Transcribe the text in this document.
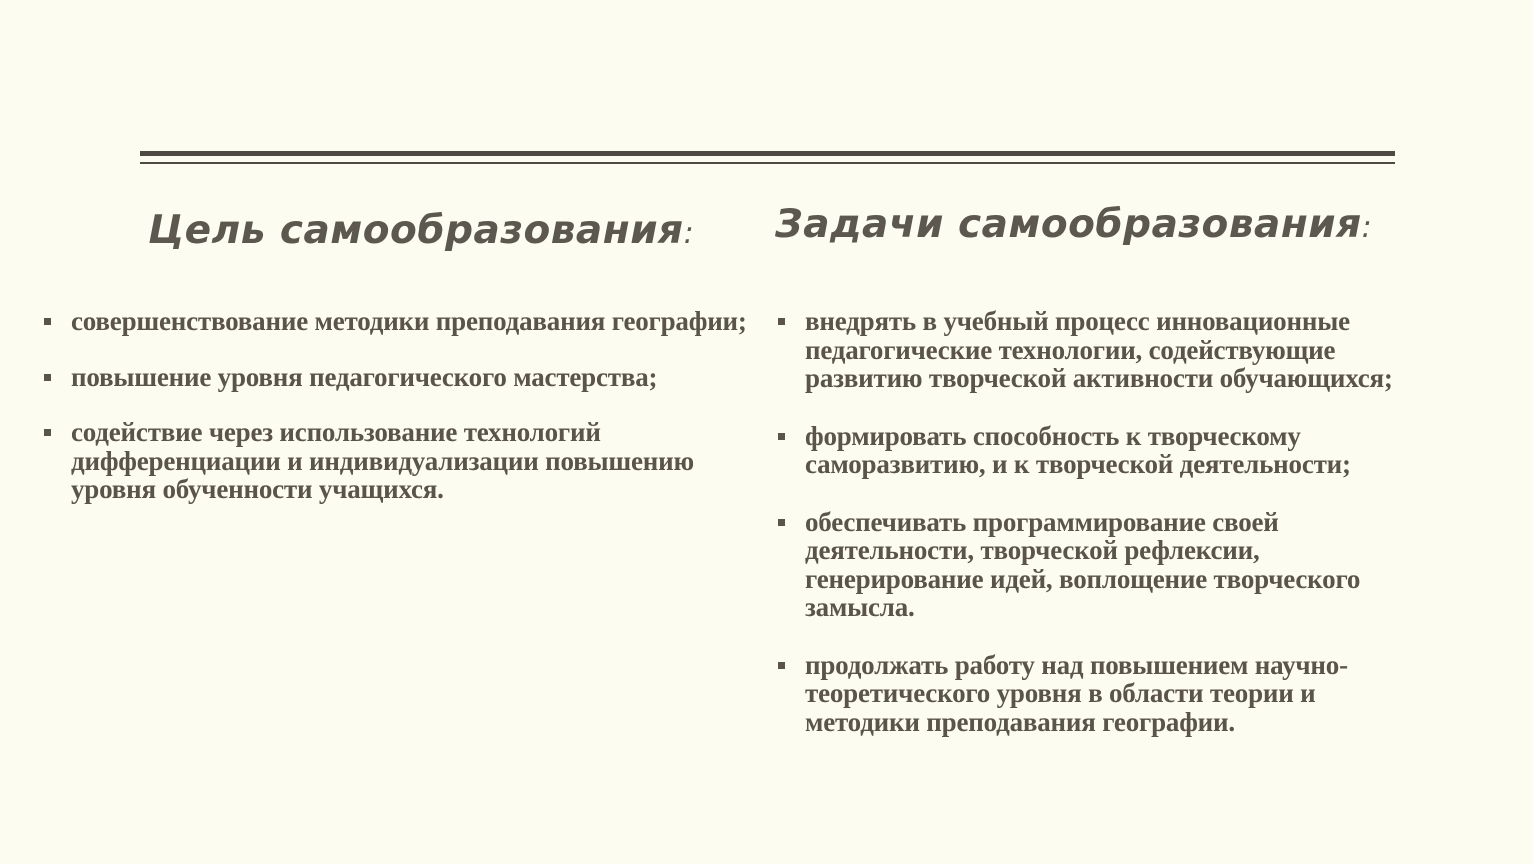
Цель самообразования: Задачи самообразования:
совершенствование методики преподавания географии;
повышение уровня педагогического мастерства;
содействие через использование технологий дифференциации и индивидуализации повышению уровня обученности учащихся.
внедрять в учебный процесс инновационные педагогические технологии, содействующие развитию творческой активности обучающихся;
формировать способность к творческому саморазвитию, и к творческой деятельности;
обеспечивать программирование своей деятельности, творческой рефлексии, генерирование идей, воплощение творческого замысла.
продолжать работу над повышением научно-теоретического уровня в области теории и методики преподавания географии.
